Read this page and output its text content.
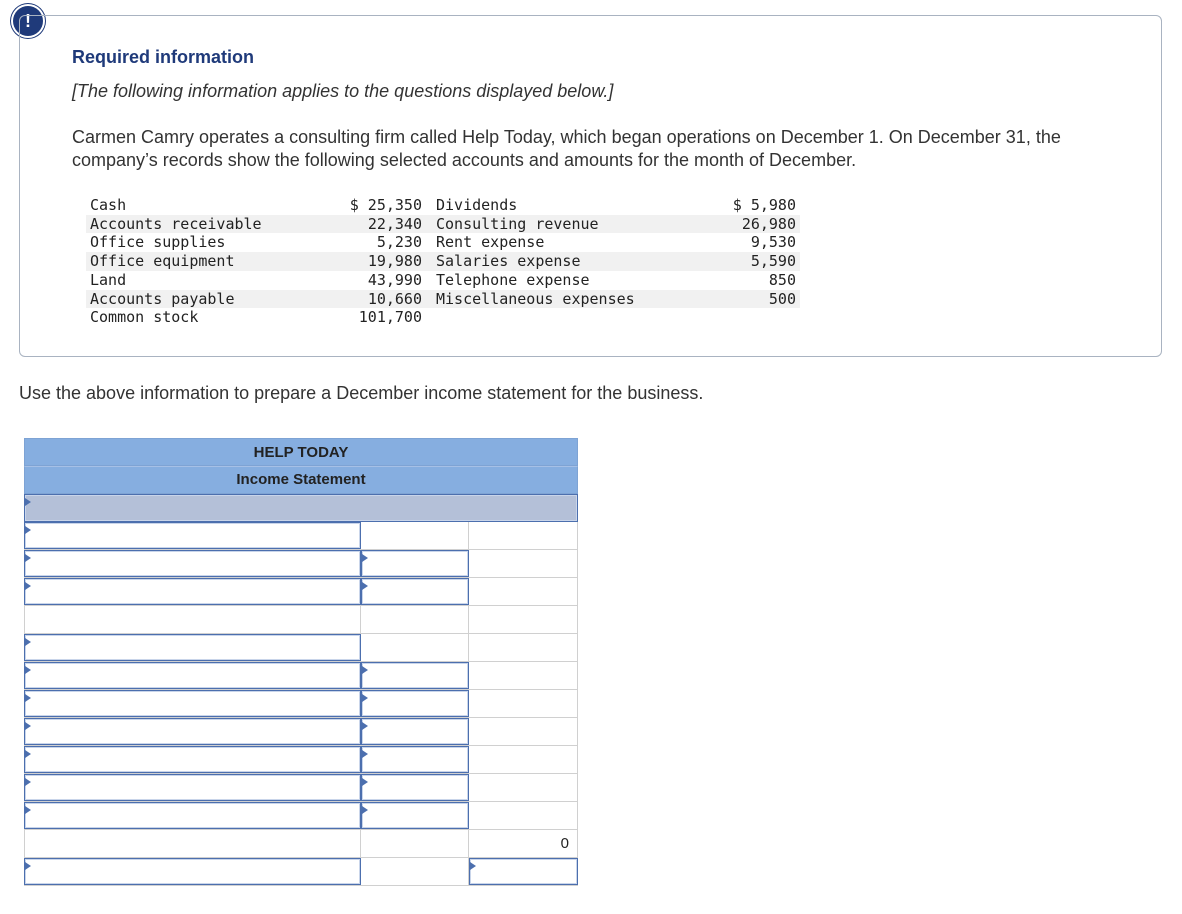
!
Required information
[The following information applies to the questions displayed below.]
Carmen Camry operates a consulting firm called Help Today, which began operations on December 1. On December 31, the company’s records show the following selected accounts and amounts for the month of December.
Cash	$ 25,350	Dividends	$ 5,980
Accounts receivable	22,340	Consulting revenue	26,980
Office supplies	5,230	Rent expense	9,530
Office equipment	19,980	Salaries expense	5,590
Land	43,990	Telephone expense	850
Accounts payable	10,660	Miscellaneous expenses	500
Common stock	101,700		
Use the above information to prepare a December income statement for the business.
HELP TODAY
Income Statement
0
